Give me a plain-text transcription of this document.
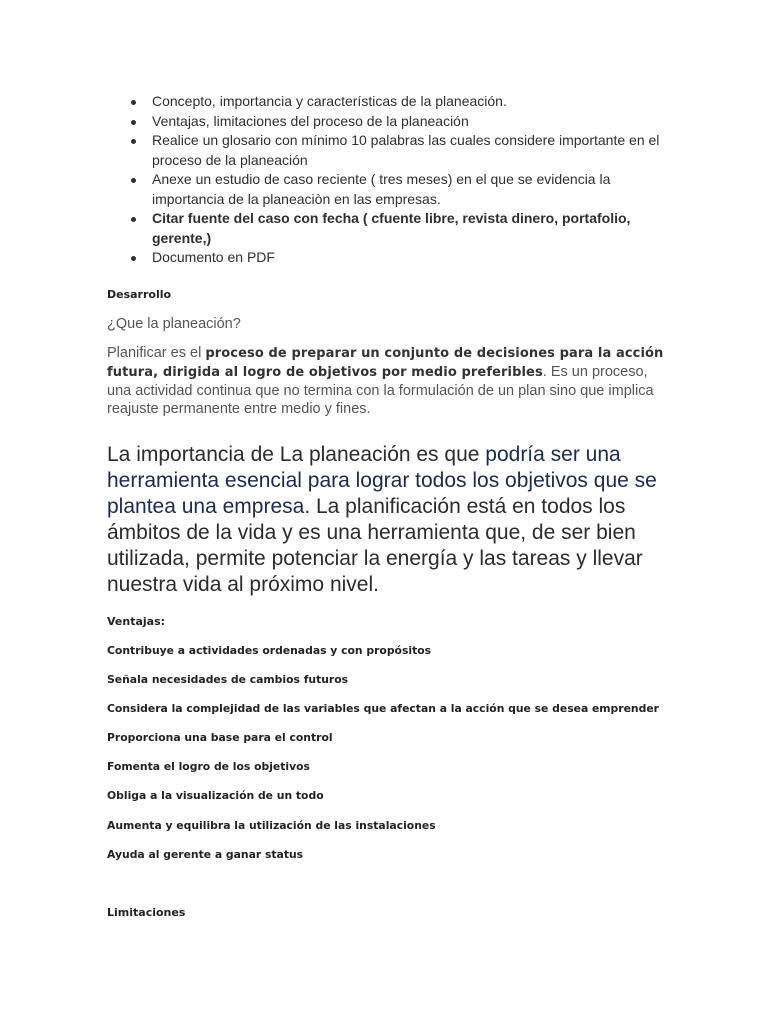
Concepto, importancia y características de la planeación.
Ventajas, limitaciones del proceso de la planeación
Realice un glosario con mínimo 10 palabras las cuales considere importante en el proceso de la planeación
Anexe un estudio de caso reciente ( tres meses) en el que se evidencia la importancia de la planeaciòn en las empresas.
Citar fuente del caso con fecha ( cfuente libre, revista dinero, portafolio, gerente,)
Documento en PDF
Desarrollo
¿Que la planeación?

Planificar es el proceso de preparar un conjunto de decisiones para la acción futura, dirigida al logro de objetivos por medio preferibles. Es un proceso, una actividad continua que no termina con la formulación de un plan sino que implica reajuste permanente entre medio y fines.

La importancia de La planeación es que podría ser una herramienta esencial para lograr todos los objetivos que se plantea una empresa. La planificación está en todos los ámbitos de la vida y es una herramienta que, de ser bien utilizada, permite potenciar la energía y las tareas y llevar nuestra vida al próximo nivel.

Ventajas:
Contribuye a actividades ordenadas y con propósitos
Señala necesidades de cambios futuros
Considera la complejidad de las variables que afectan a la acción que se desea emprender
Proporciona una base para el control
Fomenta el logro de los objetivos
Obliga a la visualización de un todo
Aumenta y equilibra la utilización de las instalaciones
Ayuda al gerente a ganar status
Limitaciones
